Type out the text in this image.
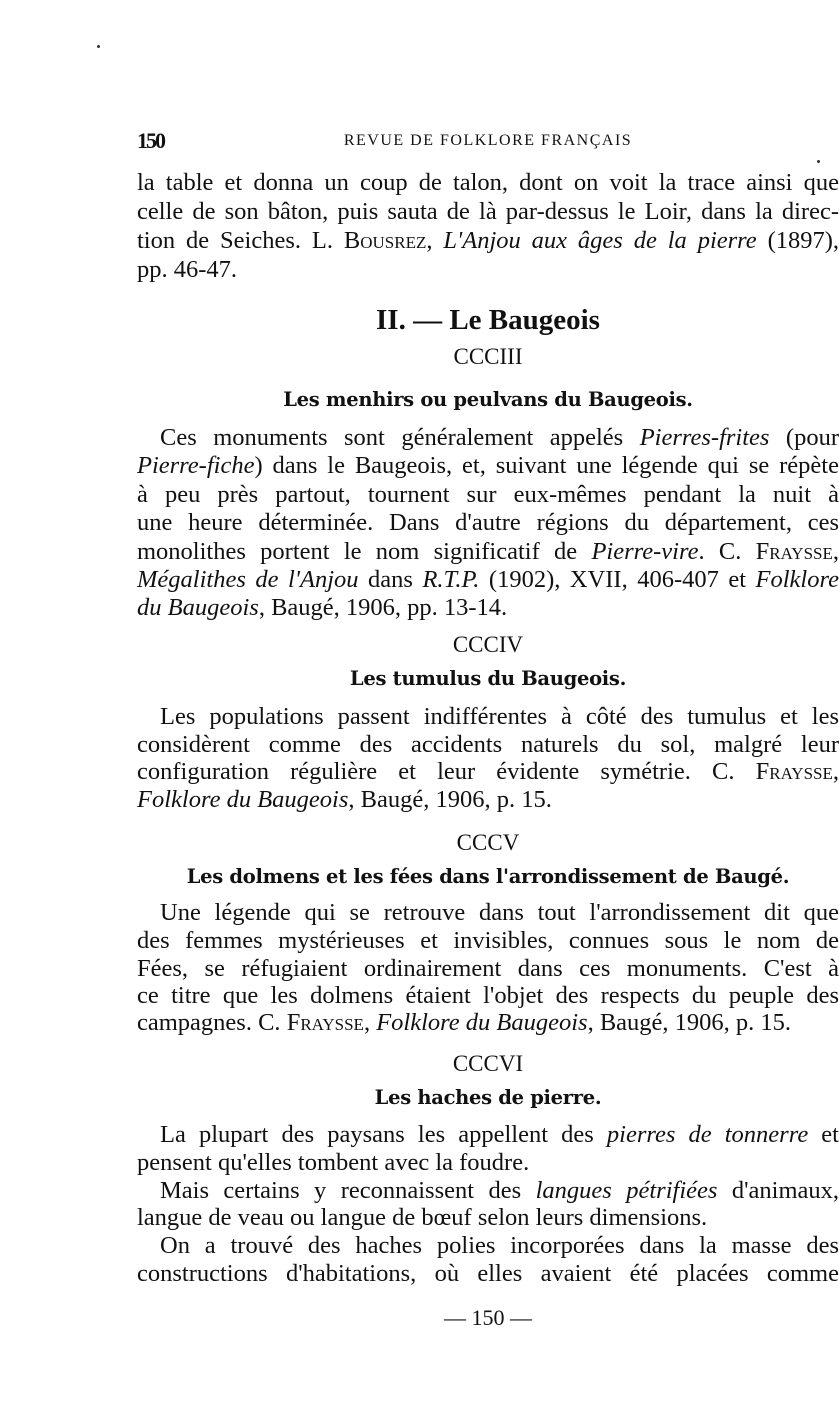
150	REVUE DE FOLKLORE FRANÇAIS
la table et donna un coup de talon, dont on voit la trace ainsi que
celle de son bâton, puis sauta de là par-dessus le Loir, dans la direc-
tion de Seiches. L. Bousrez, L'Anjou aux âges de la pierre (1897),
pp. 46-47.
II. — Le Baugeois
CCCIII
Les menhirs ou peulvans du Baugeois.
Ces monuments sont généralement appelés Pierres-frites (pour
Pierre-fiche) dans le Baugeois, et, suivant une légende qui se répète
à peu près partout, tournent sur eux-mêmes pendant la nuit à
une heure déterminée. Dans d'autre régions du département, ces
monolithes portent le nom significatif de Pierre-vire. C. Fraysse,
Mégalithes de l'Anjou dans R.T.P. (1902), XVII, 406-407 et Folklore
du Baugeois, Baugé, 1906, pp. 13-14.
CCCIV
Les tumulus du Baugeois.
Les populations passent indifférentes à côté des tumulus et les
considèrent comme des accidents naturels du sol, malgré leur
configuration régulière et leur évidente symétrie. C. Fraysse,
Folklore du Baugeois, Baugé, 1906, p. 15.
CCCV
Les dolmens et les fées dans l'arrondissement de Baugé.
Une légende qui se retrouve dans tout l'arrondissement dit que
des femmes mystérieuses et invisibles, connues sous le nom de
Fées, se réfugiaient ordinairement dans ces monuments. C'est à
ce titre que les dolmens étaient l'objet des respects du peuple des
campagnes. C. Fraysse, Folklore du Baugeois, Baugé, 1906, p. 15.
CCCVI
Les haches de pierre.
La plupart des paysans les appellent des pierres de tonnerre et
pensent qu'elles tombent avec la foudre.
Mais certains y reconnaissent des langues pétrifiées d'animaux,
langue de veau ou langue de bœuf selon leurs dimensions.
On a trouvé des haches polies incorporées dans la masse des
constructions d'habitations, où elles avaient été placées comme
— 150 —
